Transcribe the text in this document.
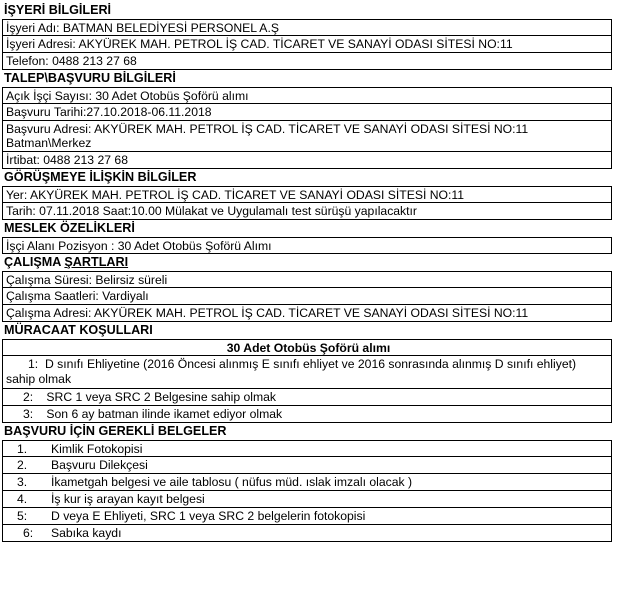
İŞYERİ BİLGİLERİ
İşyeri Adı: BATMAN BELEDİYESİ PERSONEL A.Ş
İşyeri Adresi: AKYÜREK MAH. PETROL İŞ CAD. TİCARET VE SANAYİ ODASI SİTESİ NO:11
Telefon: 0488 213 27 68
TALEP\BAŞVURU BİLGİLERİ
Açık İşçi Sayısı: 30 Adet Otobüs Şoförü alımı
Başvuru Tarihi:27.10.2018-06.11.2018
Başvuru Adresi: AKYÜREK MAH. PETROL İŞ CAD. TİCARET VE SANAYİ ODASI SİTESİ NO:11 Batman\Merkez
İrtibat: 0488 213 27 68
GÖRÜŞMEYE İLİŞKİN BİLGİLER
Yer: AKYÜREK MAH. PETROL İŞ CAD. TİCARET VE SANAYİ ODASI SİTESİ NO:11
Tarih: 07.11.2018 Saat:10.00 Mülakat ve Uygulamalı test sürüşü yapılacaktır
MESLEK ÖZELİKLERİ
İşçi Alanı Pozisyon : 30 Adet Otobüs Şoförü Alımı
ÇALIŞMA ŞARTLARI
Çalışma Süresi: Belirsiz süreli
Çalışma Saatleri: Vardiyalı
Çalışma Adresi: AKYÜREK MAH. PETROL İŞ CAD. TİCARET VE SANAYİ ODASI SİTESİ NO:11
MÜRACAAT KOŞULLARI
30 Adet Otobüs Şoförü alımı
1: D sınıfı Ehliyetine (2016 Öncesi alınmış E sınıfı ehliyet ve 2016 sonrasında alınmış D sınıfı ehliyet) sahip olmak
2: SRC 1 veya SRC 2 Belgesine sahip olmak
3: Son 6 ay batman ilinde ikamet ediyor olmak
BAŞVURU İÇİN GEREKLİ BELGELER
1. Kimlik Fotokopisi
2. Başvuru Dilekçesi
3. İkametgah belgesi ve aile tablosu ( nüfus müd. ıslak imzalı olacak )
4. İş kur iş arayan kayıt belgesi
5: D veya E Ehliyeti, SRC 1 veya SRC 2 belgelerin fotokopisi
6: Sabıka kaydı
